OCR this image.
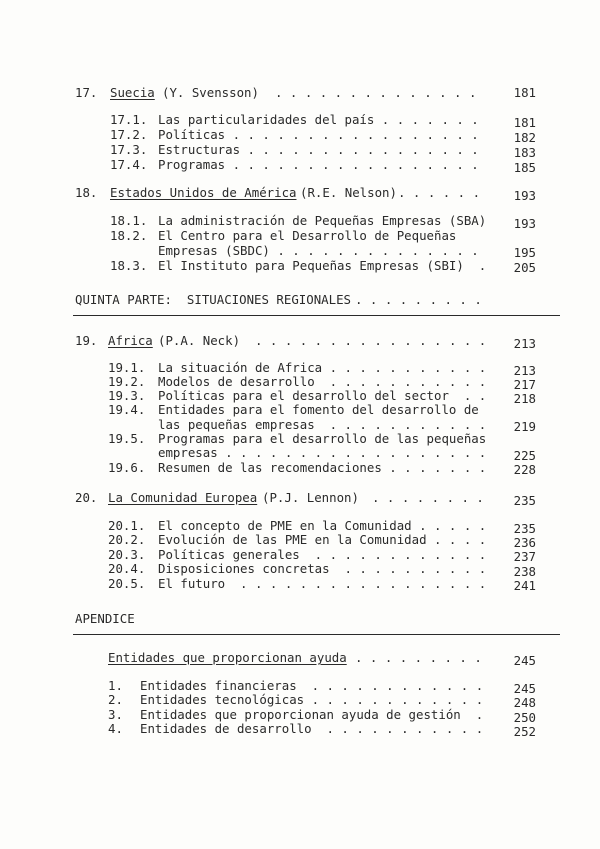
17. Suecia (Y. Svensson) . . . . . . . . . . . . . .	181
17.1. Las particularidades del país . . . . . . .	181
17.2. Políticas . . . . . . . . . . . . . . . . .	182
17.3. Estructuras . . . . . . . . . . . . . . . .	183
17.4. Programas . . . . . . . . . . . . . . . . .	185
18. Estados Unidos de América (R.E. Nelson) . . . . . .	193
18.1. La administración de Pequeñas Empresas (SBA)	193
18.2. El Centro para el Desarrollo de Pequeñas
Empresas (SBDC) . . . . . . . . . . . . . .	195
18.3. El Instituto para Pequeñas Empresas (SBI)  .	205
QUINTA PARTE:  SITUACIONES REGIONALES . . . . . . . . .
19. Africa (P.A. Neck) . . . . . . . . . . . . . . . .	213
19.1. La situación de Africa . . . . . . . . . . .	213
19.2. Modelos de desarrollo  . . . . . . . . . . .	217
19.3. Políticas para el desarrollo del sector  . .	218
19.4. Entidades para el fomento del desarrollo de
las pequeñas empresas  . . . . . . . . . . .	219
19.5. Programas para el desarrollo de las pequeñas
empresas . . . . . . . . . . . . . . . . . .	225
19.6. Resumen de las recomendaciones . . . . . . .	228
20. La Comunidad Europea (P.J. Lennon) . . . . . . . .	235
20.1. El concepto de PME en la Comunidad . . . . .	235
20.2. Evolución de las PME en la Comunidad . . . .	236
20.3. Políticas generales  . . . . . . . . . . . .	237
20.4. Disposiciones concretas  . . . . . . . . . .	238
20.5. El futuro  . . . . . . . . . . . . . . . . .	241
APENDICE
Entidades que proporcionan ayuda . . . . . . . . .	245
1. Entidades financieras  . . . . . . . . . . . .	245
2. Entidades tecnológicas . . . . . . . . . . . .	248
3. Entidades que proporcionan ayuda de gestión  .	250
4. Entidades de desarrollo  . . . . . . . . . . .	252
